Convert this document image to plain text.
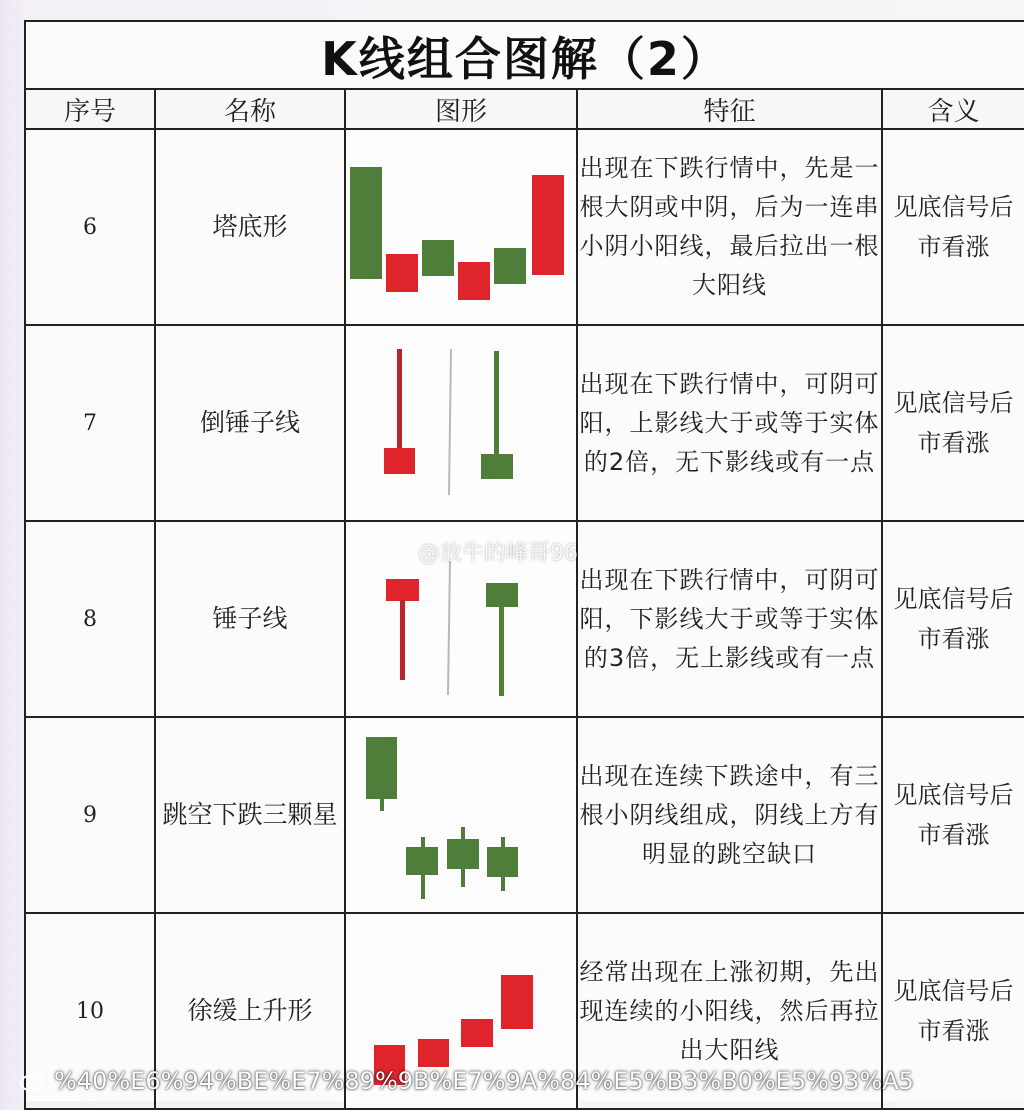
K线组合图解（2）
序号	名称	图形	特征	含义
6	塔底形		出现在下跌行情中，先是一根大阴或中阴，后为一连串小阴小阳线，最后拉出一根大阳线	见底信号后市看涨
7	倒锤子线		出现在下跌行情中，可阴可阳，上影线大于或等于实体的2倍，无下影线或有一点	见底信号后市看涨
8	锤子线		出现在下跌行情中，可阴可阳，下影线大于或等于实体的3倍，无上影线或有一点	见底信号后市看涨
9	跳空下跌三颗星		出现在连续下跌途中，有三根小阴线组成，阴线上方有明显的跳空缺口	见底信号后市看涨
10	徐缓上升形		经常出现在上涨初期，先出现连续的小阳线，然后再拉出大阳线	见底信号后市看涨
@放牛的峰哥96
%40%E6%94%BE%E7%89%9B%E7%9A%84%E5%B3%B0%E5%93%A5
